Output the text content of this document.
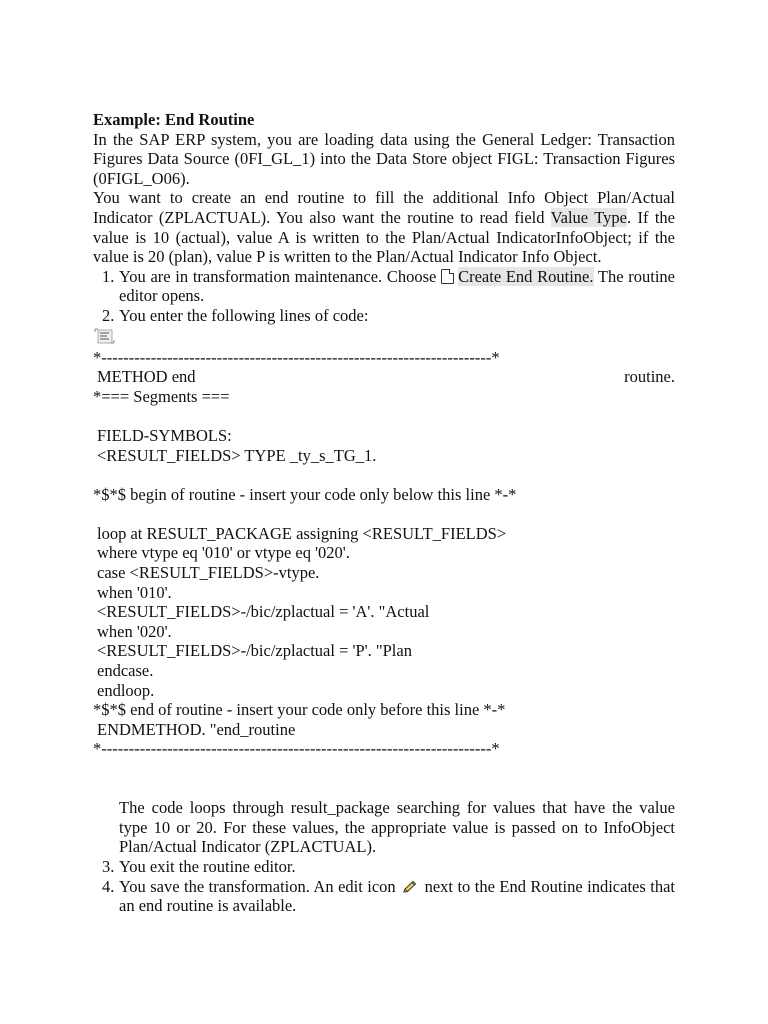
Example: End Routine
In the SAP ERP system, you are loading data using the General Ledger: Transaction Figures Data Source (0FI_GL_1) into the Data Store object FIGL: Transaction Figures (0FIGL_O06).
You want to create an end routine to fill the additional Info Object Plan/Actual Indicator (ZPLACTUAL). You also want the routine to read field Value Type. If the value is 10 (actual), value A is written to the Plan/Actual IndicatorInfoObject; if the value is 20 (plan), value P is written to the Plan/Actual Indicator Info Object.
1. You are in transformation maintenance. Choose Create End Routine. The routine editor opens.
2. You enter the following lines of code:
*-----------------------------------------------------------------------*
METHOD end	routine.
*=== Segments ===
FIELD-SYMBOLS:
<RESULT_FIELDS> TYPE _ty_s_TG_1.
*$*$ begin of routine - insert your code only below this line *-*
loop at RESULT_PACKAGE assigning <RESULT_FIELDS>
where vtype eq '010' or vtype eq '020'.
case <RESULT_FIELDS>-vtype.
when '010'.
<RESULT_FIELDS>-/bic/zplactual = 'A'. "Actual
when '020'.
<RESULT_FIELDS>-/bic/zplactual = 'P'. "Plan
endcase.
endloop.
*$*$ end of routine - insert your code only before this line *-*
ENDMETHOD. "end_routine
*-----------------------------------------------------------------------*
The code loops through result_package searching for values that have the value type 10 or 20. For these values, the appropriate value is passed on to InfoObject Plan/Actual Indicator (ZPLACTUAL).
3. You exit the routine editor.
4. You save the transformation. An edit icon  next to the End Routine indicates that an end routine is available.
